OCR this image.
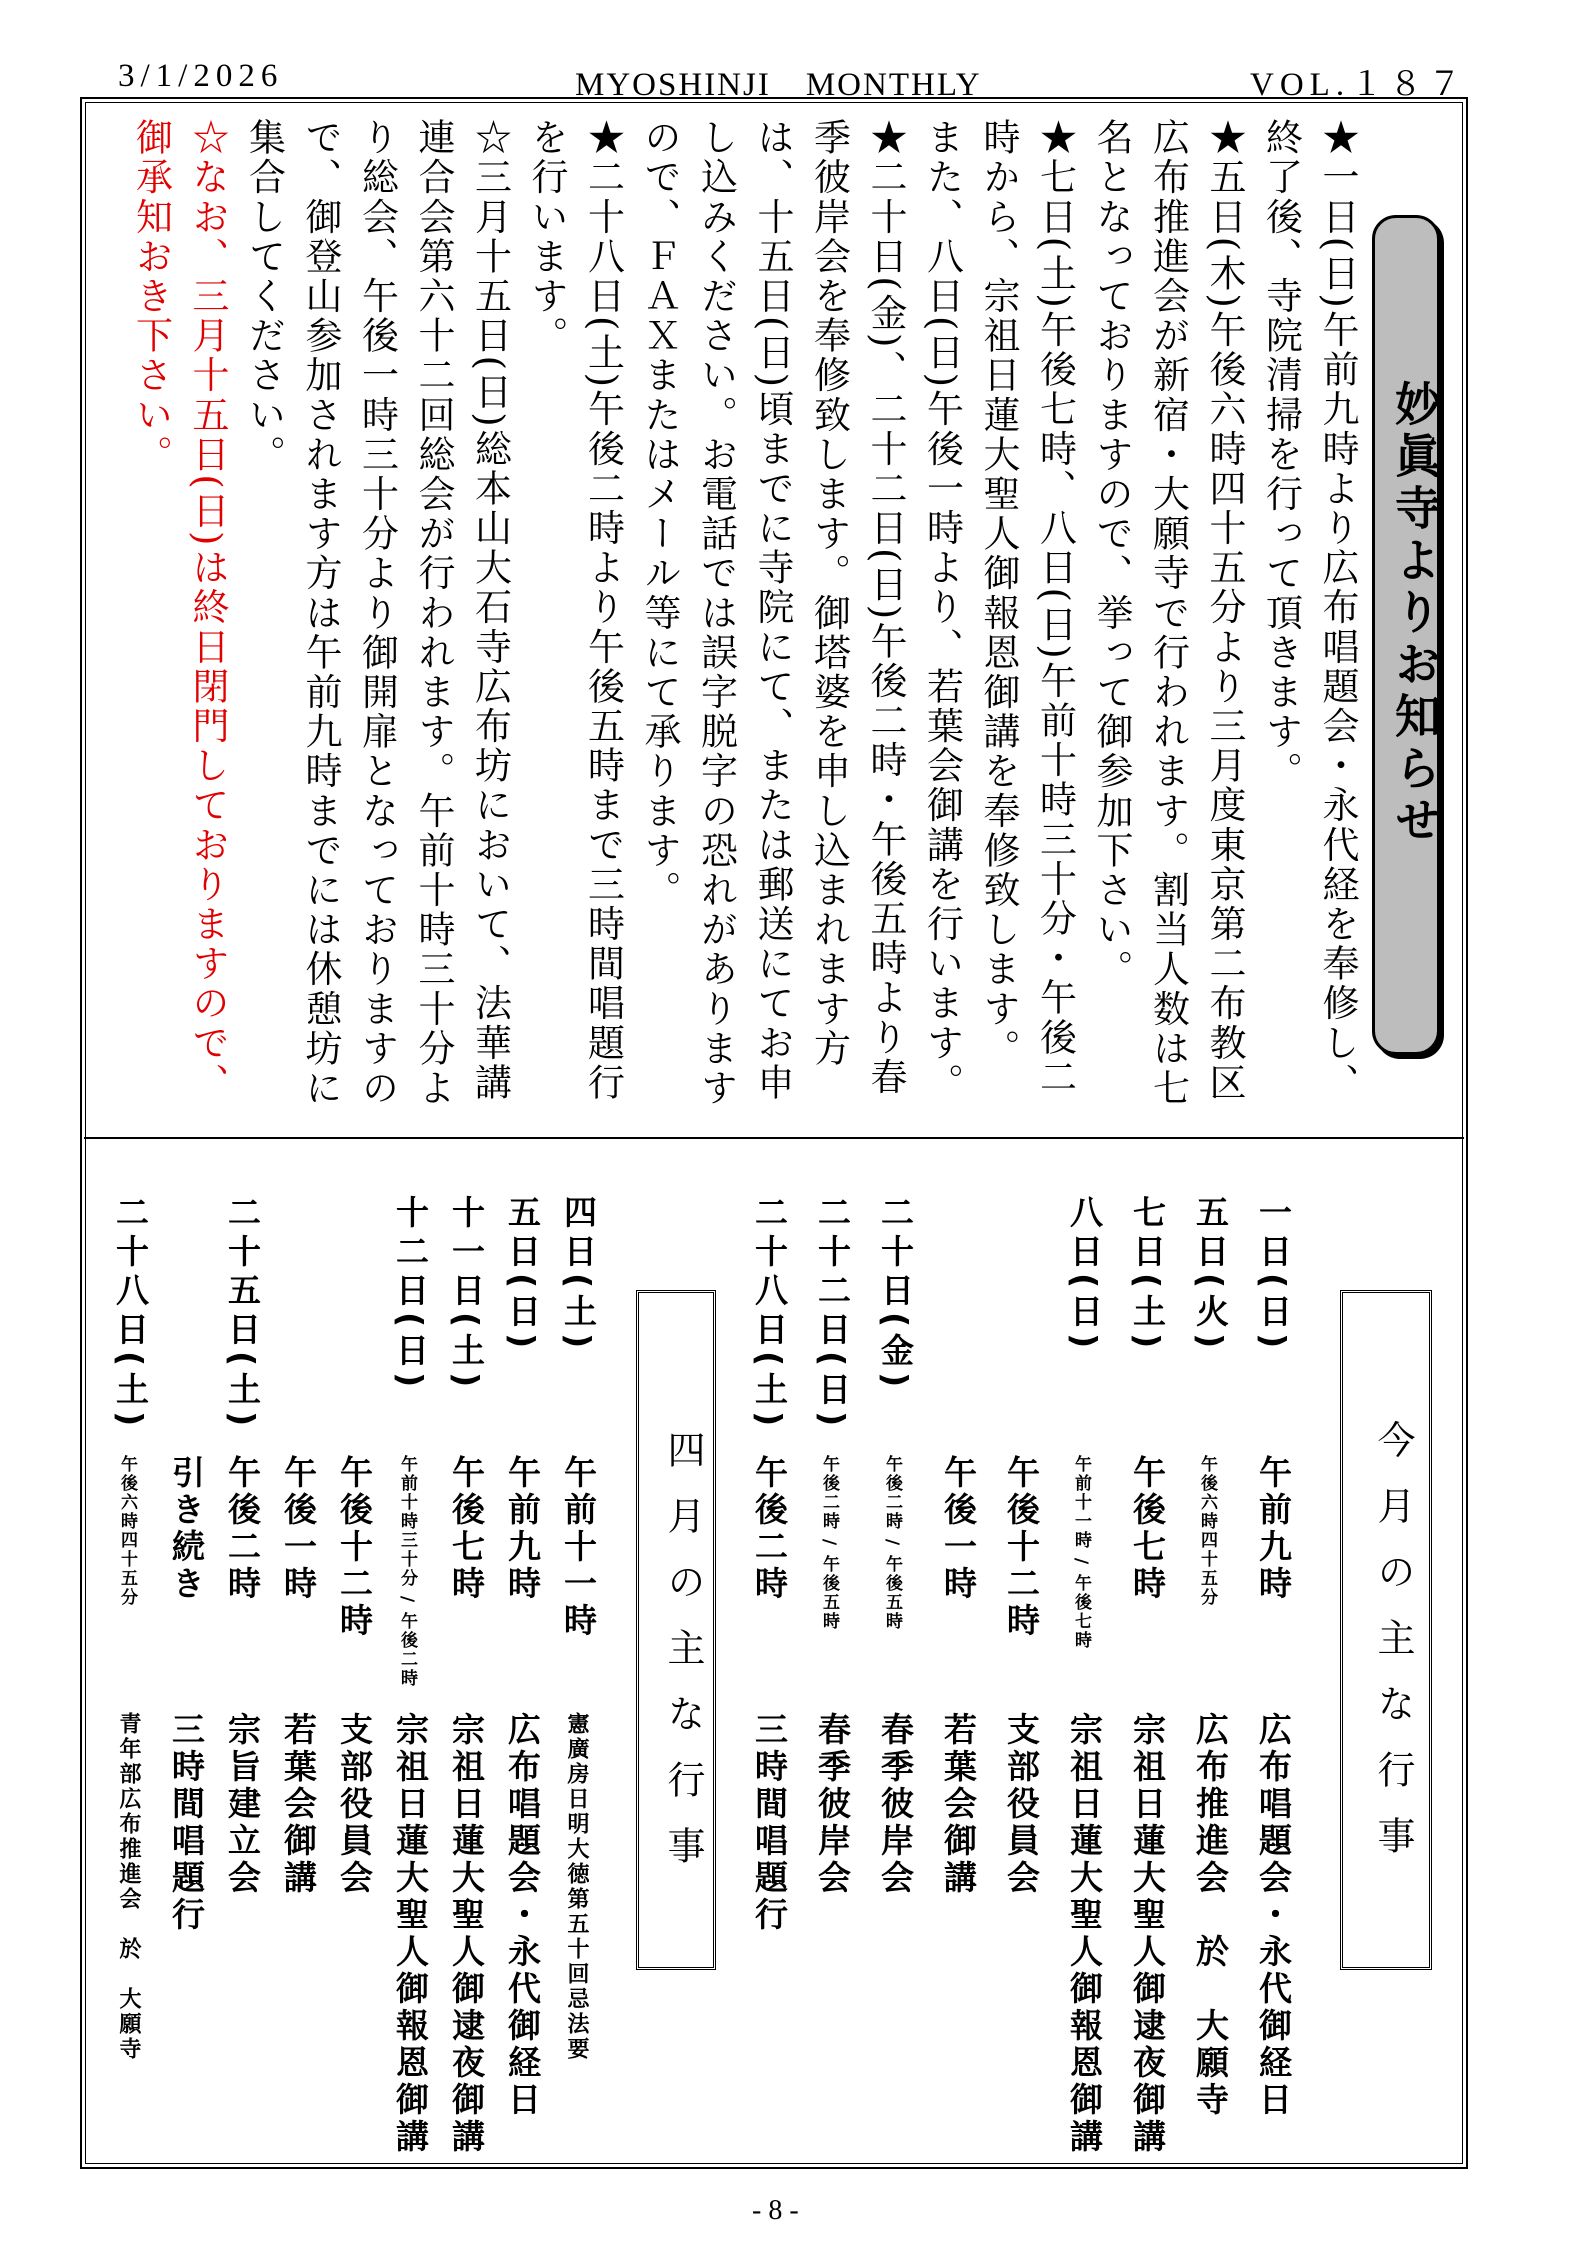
3/1/2026	MYOSHINJI　MONTHLY	VOL.１８７
妙眞寺よりお知らせ

★一日(日)午前九時より広布唱題会・永代経を奉修し、終了後、寺院清掃を行って頂きます。

★五日(木)午後六時四十五分より三月度東京第二布教区広布推進会が新宿・大願寺で行われます。割当人数は七名となっておりますので、挙って御参加下さい。

★七日(土)午後七時、八日(日)午前十時三十分・午後二時から、宗祖日蓮大聖人御報恩御講を奉修致します。

また、八日(日)午後一時より、若葉会御講を行います。

★二十日(金)、二十二日(日)午後二時・午後五時より春季彼岸会を奉修致します。御塔婆を申し込まれます方は、十五日(日)頃までに寺院にて、または郵送にてお申し込みください。お電話では誤字脱字の恐れがありますので、ＦＡＸまたはメール等にて承ります。

★二十八日(土)午後二時より午後五時まで三時間唱題行を行います。

☆三月十五日(日)総本山大石寺広布坊において、法華講連合会第六十二回総会が行われます。午前十時三十分より総会、午後一時三十分より御開扉となっておりますので、御登山参加されます方は午前九時までには休憩坊に集合してください。

☆なお、三月十五日(日)は終日閉門しておりますので、御承知おき下さい。

今月の主な行事
一日(日)
午前九時
広布唱題会・永代御経日
五日(火)
午後六時四十五分
広布推進会　於　大願寺
七日(土)
午後七時
宗祖日蓮大聖人御逮夜御講
八日(日)
午前十一時 / 午後七時
宗祖日蓮大聖人御報恩御講
午後十二時
支部役員会
午後一時
若葉会御講
二十日(金)
午後二時 / 午後五時
春季彼岸会
二十二日(日)
午後二時 / 午後五時
春季彼岸会
二十八日(土)
午後二時
三時間唱題行
四月の主な行事
四日(土)
午前十一時
憲廣房日明大徳第五十回忌法要
五日(日)
午前九時
広布唱題会・永代御経日
十一日(土)
午後七時
宗祖日蓮大聖人御逮夜御講
十二日(日)
午前十時三十分 / 午後二時
宗祖日蓮大聖人御報恩御講
午後十二時
支部役員会
午後一時
若葉会御講
二十五日(土)
午後二時
宗旨建立会
引き続き
三時間唱題行
二十八日(土)
午後六時四十五分
青年部広布推進会　於　大願寺
- 8 -
